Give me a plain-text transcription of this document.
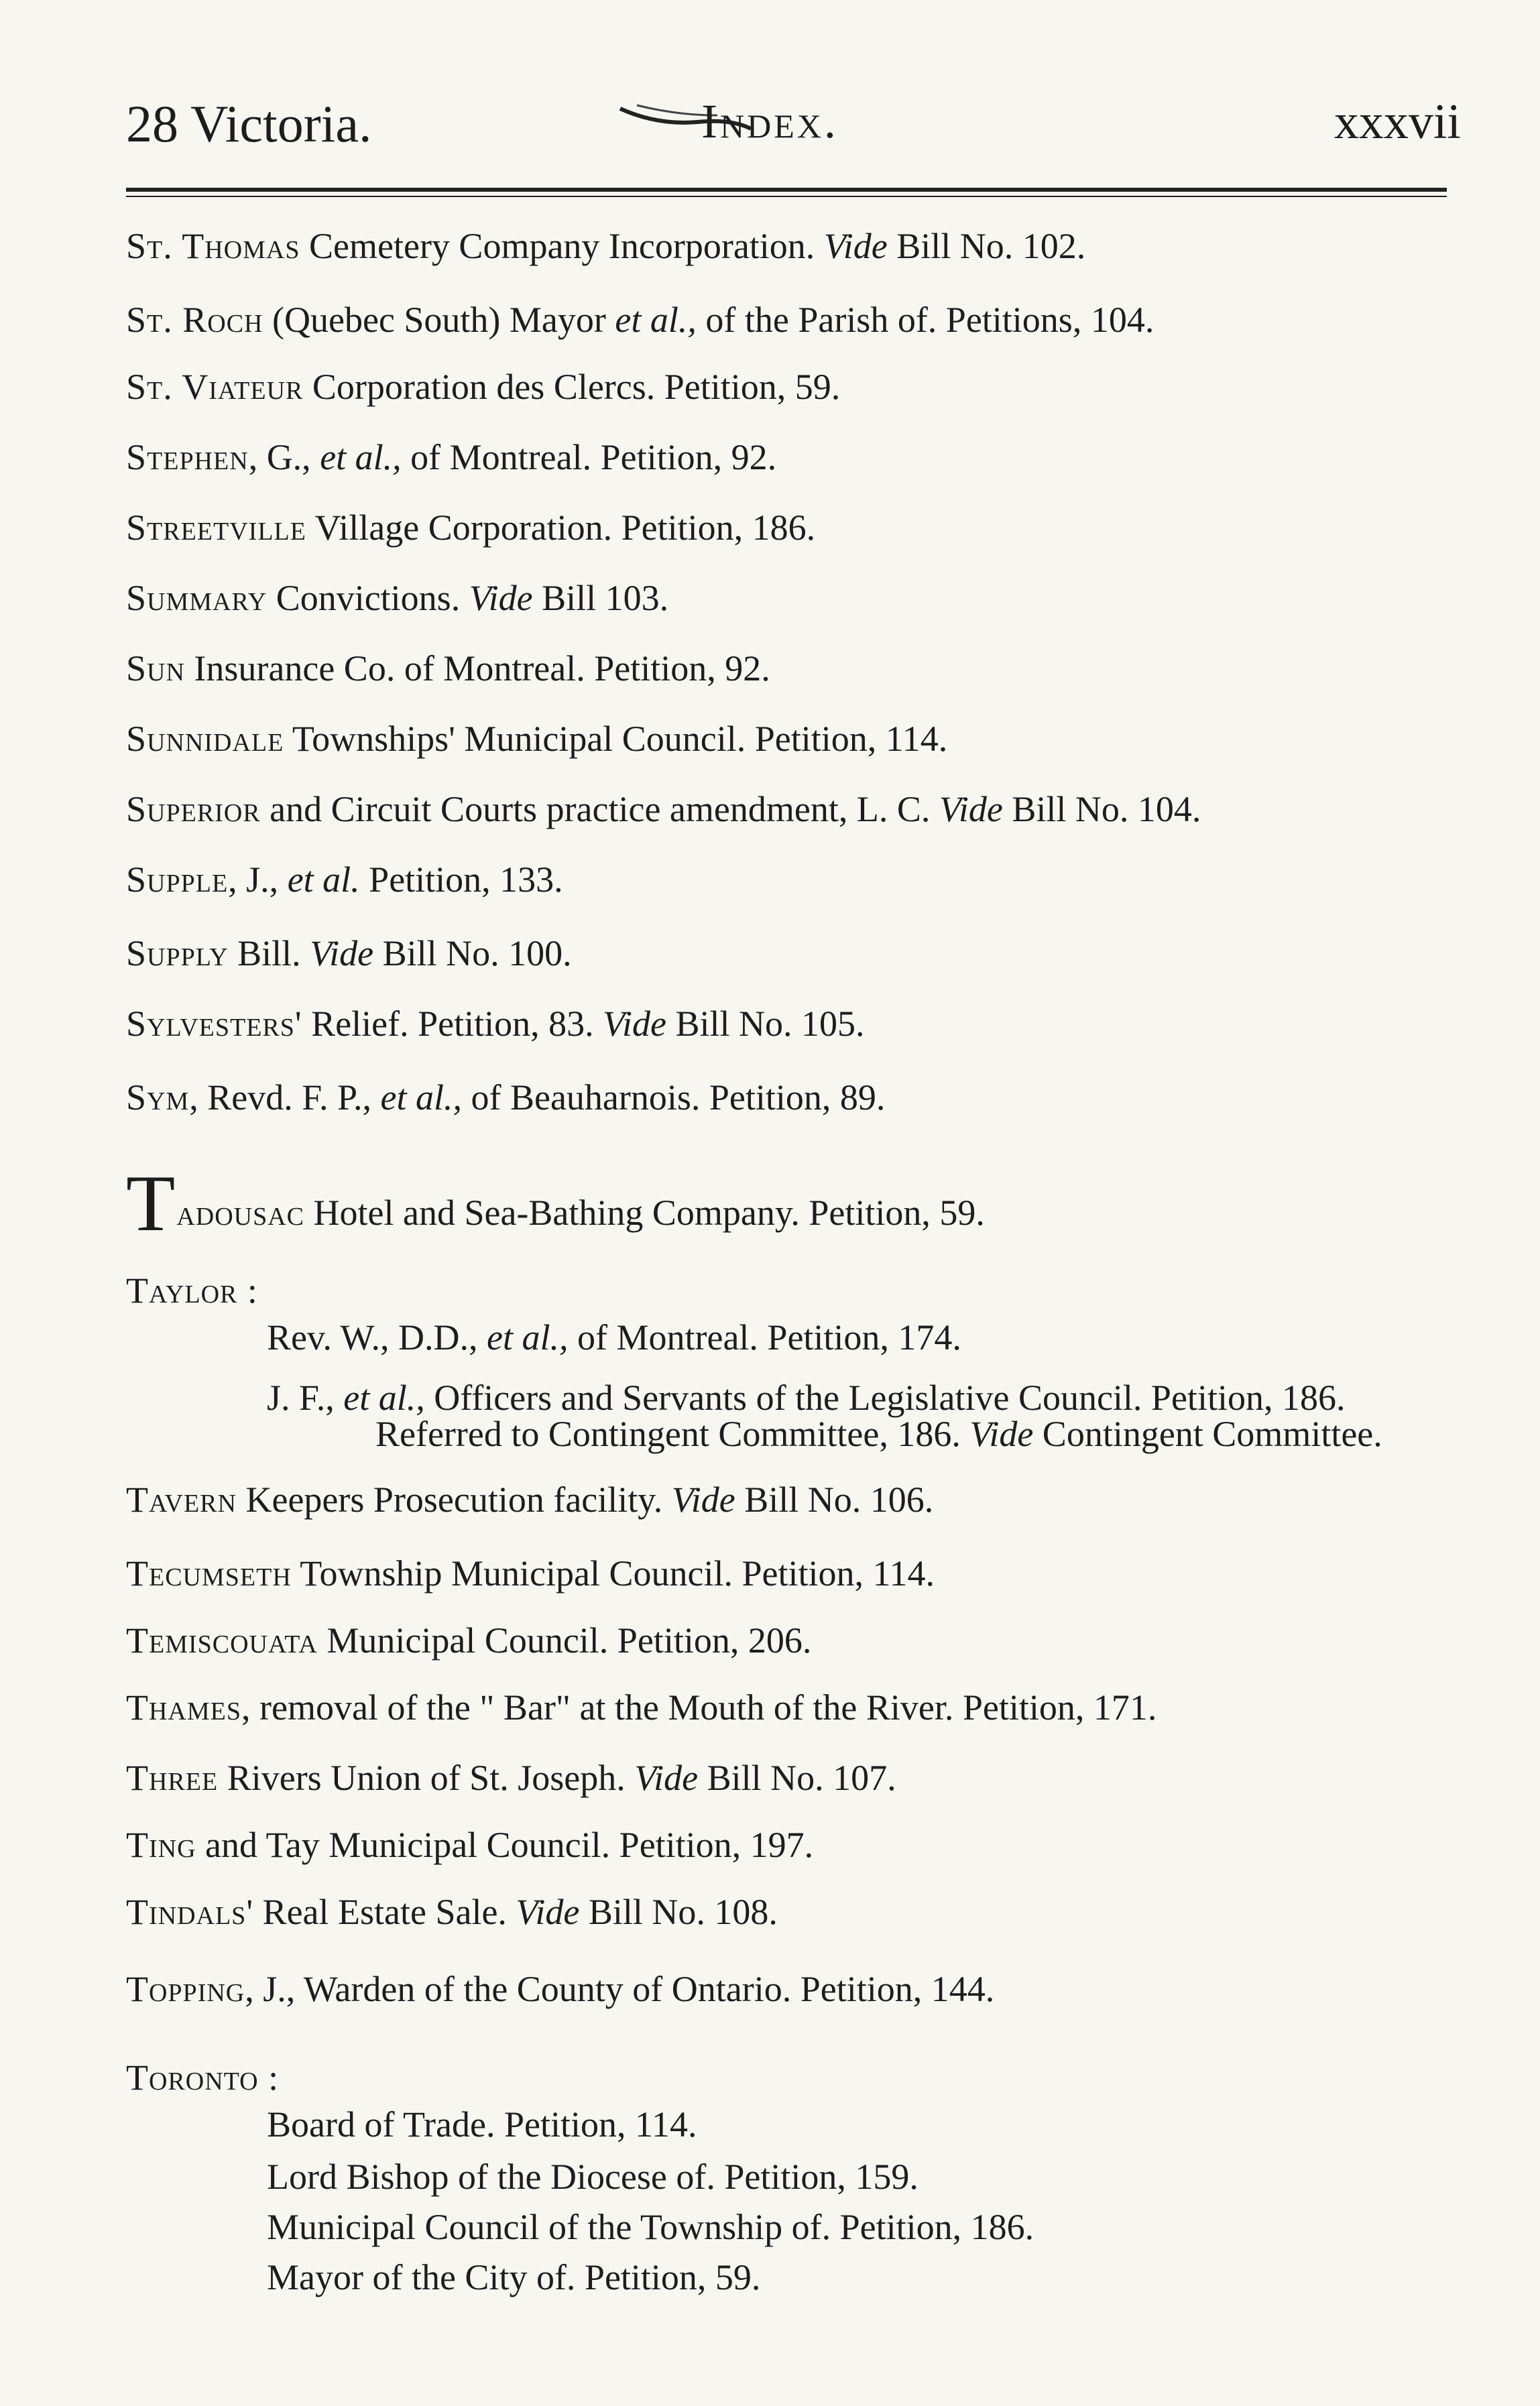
28 Victoria.	Index.	xxxvii
St. Thomas Cemetery Company Incorporation. Vide Bill No. 102.
St. Roch (Quebec South) Mayor et al., of the Parish of. Petitions, 104.
St. Viateur Corporation des Clercs. Petition, 59.
Stephen, G., et al., of Montreal. Petition, 92.
Streetville Village Corporation. Petition, 186.
Summary Convictions. Vide Bill 103.
Sun Insurance Co. of Montreal. Petition, 92.
Sunnidale Townships' Municipal Council. Petition, 114.
Superior and Circuit Courts practice amendment, L. C. Vide Bill No. 104.
Supple, J., et al. Petition, 133.
Supply Bill. Vide Bill No. 100.
Sylvesters' Relief. Petition, 83. Vide Bill No. 105.
Sym, Revd. F. P., et al., of Beauharnois. Petition, 89.
Tadousac Hotel and Sea-Bathing Company. Petition, 59.
Taylor :
Rev. W., D.D., et al., of Montreal. Petition, 174.
J. F., et al., Officers and Servants of the Legislative Council. Petition, 186.
Referred to Contingent Committee, 186. Vide Contingent Committee.
Tavern Keepers Prosecution facility. Vide Bill No. 106.
Tecumseth Township Municipal Council. Petition, 114.
Temiscouata Municipal Council. Petition, 206.
Thames, removal of the " Bar" at the Mouth of the River. Petition, 171.
Three Rivers Union of St. Joseph. Vide Bill No. 107.
Ting and Tay Municipal Council. Petition, 197.
Tindals' Real Estate Sale. Vide Bill No. 108.
Topping, J., Warden of the County of Ontario. Petition, 144.
Toronto :
Board of Trade. Petition, 114.
Lord Bishop of the Diocese of. Petition, 159.
Municipal Council of the Township of. Petition, 186.
Mayor of the City of. Petition, 59.
